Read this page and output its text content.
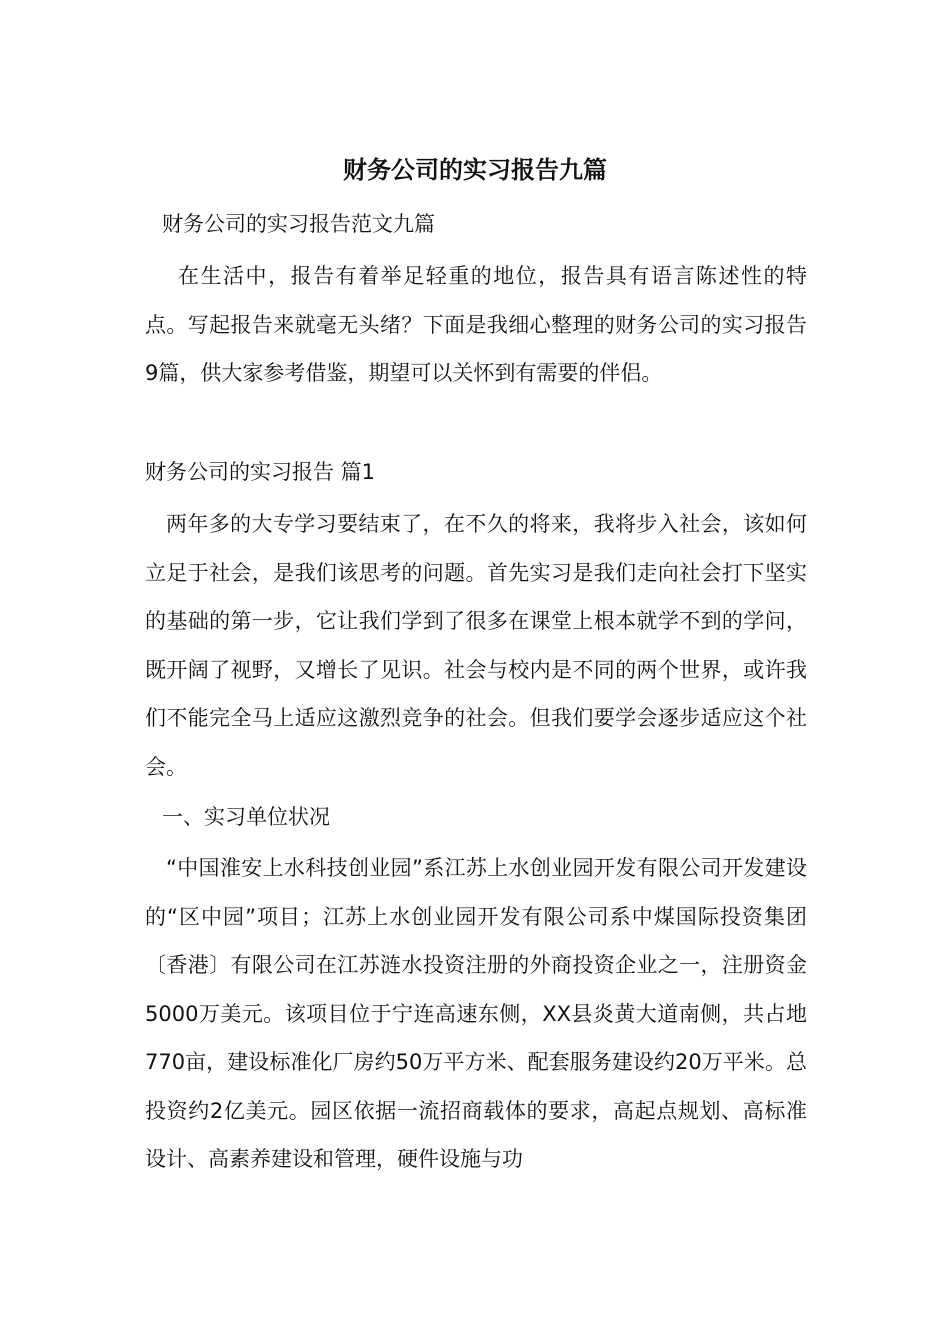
财务公司的实习报告九篇

财务公司的实习报告范文九篇

在生活中，报告有着举足轻重的地位，报告具有语言陈述性的特点。写起报告来就毫无头绪？下面是我细心整理的财务公司的实习报告9篇，供大家参考借鉴，期望可以关怀到有需要的伴侣。

财务公司的实习报告 篇1

两年多的大专学习要结束了，在不久的将来，我将步入社会，该如何立足于社会，是我们该思考的问题。首先实习是我们走向社会打下坚实的基础的第一步，它让我们学到了很多在课堂上根本就学不到的学问，既开阔了视野，又增长了见识。社会与校内是不同的两个世界，或许我们不能完全马上适应这激烈竞争的社会。但我们要学会逐步适应这个社会。

一、实习单位状况

“中国淮安上水科技创业园”系江苏上水创业园开发有限公司开发建设的“区中园”项目；江苏上水创业园开发有限公司系中煤国际投资集团〔香港〕有限公司在江苏涟水投资注册的外商投资企业之一，注册资金5000万美元。该项目位于宁连高速东侧，XX县炎黄大道南侧，共占地770亩，建设标准化厂房约50万平方米、配套服务建设约20万平米。总投资约2亿美元。园区依据一流招商载体的要求，高起点规划、高标准设计、高素养建设和管理，硬件设施与功
